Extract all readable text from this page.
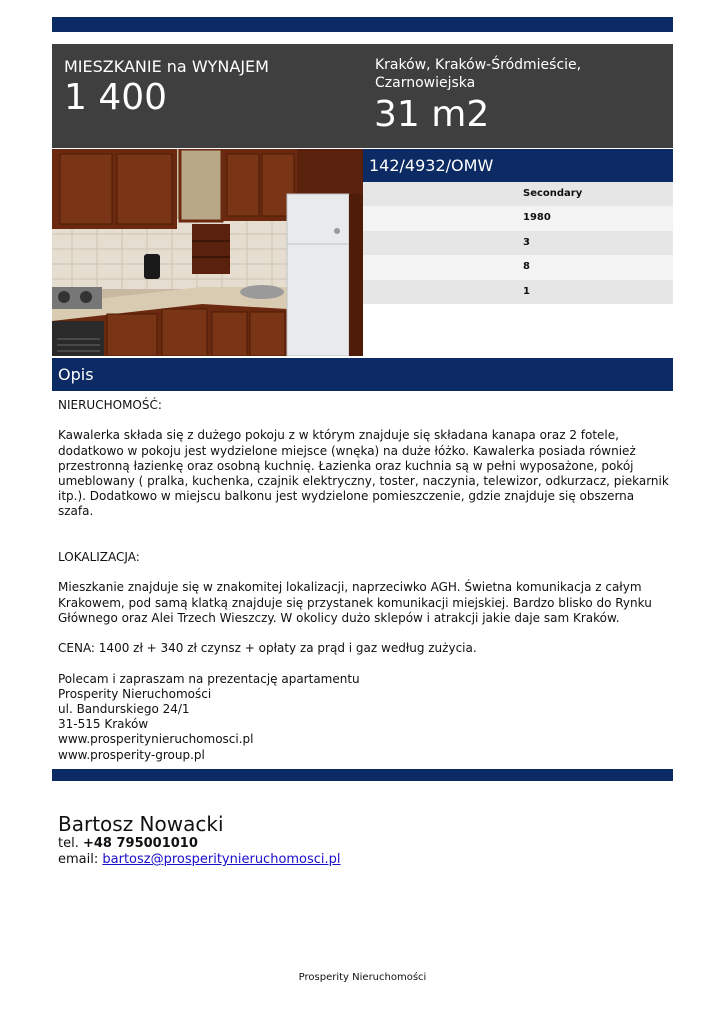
MIESZKANIE na WYNAJEM
1 400
Kraków, Kraków-Śródmieście, Czarnowiejska
31 m2
142/4932/OMW
Secondary
1980
3
8
1
Opis

NIERUCHOMOŚĆ:

Kawalerka składa się z dużego pokoju z w którym znajduje się składana kanapa oraz 2 fotele, dodatkowo w pokoju jest wydzielone miejsce (wnęka) na duże łóżko. Kawalerka posiada również przestronną łazienkę oraz osobną kuchnię. Łazienka oraz kuchnia są w pełni wyposażone, pokój umeblowany ( pralka, kuchenka, czajnik elektryczny, toster, naczynia, telewizor, odkurzacz, piekarnik itp.). Dodatkowo w miejscu balkonu jest wydzielone pomieszczenie, gdzie znajduje się obszerna szafa.

LOKALIZACJA:

Mieszkanie znajduje się w znakomitej lokalizacji, naprzeciwko AGH. Świetna komunikacja z całym Krakowem, pod samą klatką znajduje się przystanek komunikacji miejskiej. Bardzo blisko do Rynku Głównego oraz Alei Trzech Wieszczy. W okolicy dużo sklepów i atrakcji jakie daje sam Kraków.

CENA: 1400 zł + 340 zł czynsz + opłaty za prąd i gaz według zużycia.

Polecam i zapraszam na prezentację apartamentu
Prosperity Nieruchomości
ul. Bandurskiego 24/1
31-515 Kraków
www.prosperitynieruchomosci.pl
www.prosperity-group.pl

Bartosz Nowacki
tel. +48 795001010
email: bartosz@prosperitynieruchomosci.pl
Prosperity Nieruchomości
